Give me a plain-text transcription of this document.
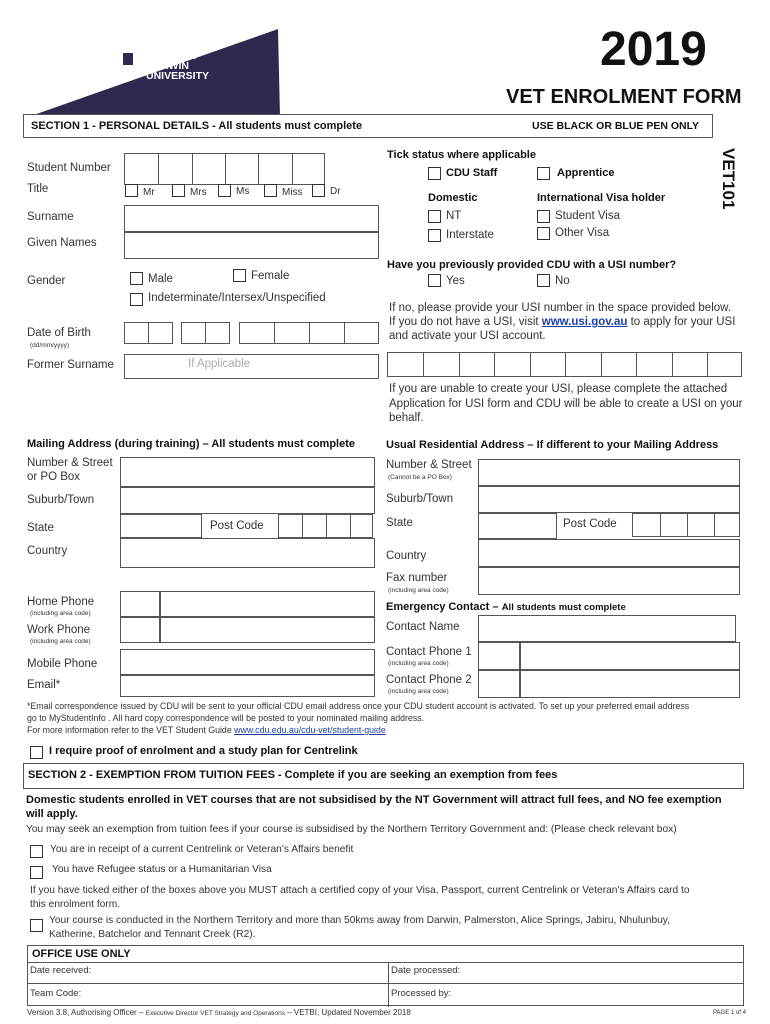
CHARLES
DARWIN
UNIVERSITY	2019
VET ENROLMENT FORM
VET101
SECTION 1 - PERSONAL DETAILS - All students must complete	USE BLACK OR BLUE PEN ONLY
Student Number
Title	Mr	Mrs	Ms	Miss	Dr
Surname
Given Names
Gender	Male	Female
Indeterminate/Intersex/Unspecified
Date of Birth
(dd/mm/yyyy)
Former Surname	If Applicable
Tick status where applicable
CDU Staff	Apprentice
Domestic	International Visa holder
NT	Student Visa
Interstate	Other Visa
Have you previously provided CDU with a USI number?
Yes	No
If no, please provide your USI number in the space provided below.
If you do not have a USI, visit www.usi.gov.au to apply for your USI
and activate your USI account.
If you are unable to create your USI, please complete the attached
Application for USI form and CDU will be able to create a USI on your
behalf.
Mailing Address (during training) – All students must complete
Number & Street
or PO Box
Suburb/Town
State	Post Code
Country
Home Phone
(including area code)
Work Phone
(including area code)
Mobile Phone
Email*
Usual Residential Address – If different to your Mailing Address
Number & Street
(Cannot be a PO Box)
Suburb/Town
State	Post Code
Country
Fax number
(including area code)
Emergency Contact – All students must complete
Contact Name
Contact Phone 1
(including area code)
Contact Phone 2
(including area code)
*Email correspondence issued by CDU will be sent to your official CDU email address once your CDU student account is activated. To set up your preferred email address
go to MyStudentInfo . All hard copy correspondence will be posted to your nominated mailing address.
For more information refer to the VET Student Guide www.cdu.edu.au/cdu-vet/student-guide
I require proof of enrolment and a study plan for Centrelink
SECTION 2 - EXEMPTION FROM TUITION FEES - Complete if you are seeking an exemption from fees
Domestic students enrolled in VET courses that are not subsidised by the NT Government will attract full fees, and NO fee exemption
will apply.
You may seek an exemption from tuition fees if your course is subsidised by the Northern Territory Government and: (Please check relevant box)
You are in receipt of a current Centrelink or Veteran’s Affairs benefit
You have Refugee status or a Humanitarian Visa
If you have ticked either of the boxes above you MUST attach a certified copy of your Visa, Passport, current Centrelink or Veteran’s Affairs card to
this enrolment form.
Your course is conducted in the Northern Territory and more than 50kms away from Darwin, Palmerston, Alice Springs, Jabiru, Nhulunbuy,
Katherine, Batchelor and Tennant Creek (R2).
OFFICE USE ONLY
Date received:	Date processed:
Team Code:	Processed by:
Version 3.8, Authorising Officer – Executive Director VET Strategy and Operations – VETBI, Updated November 2018	PAGE 1 of 4
